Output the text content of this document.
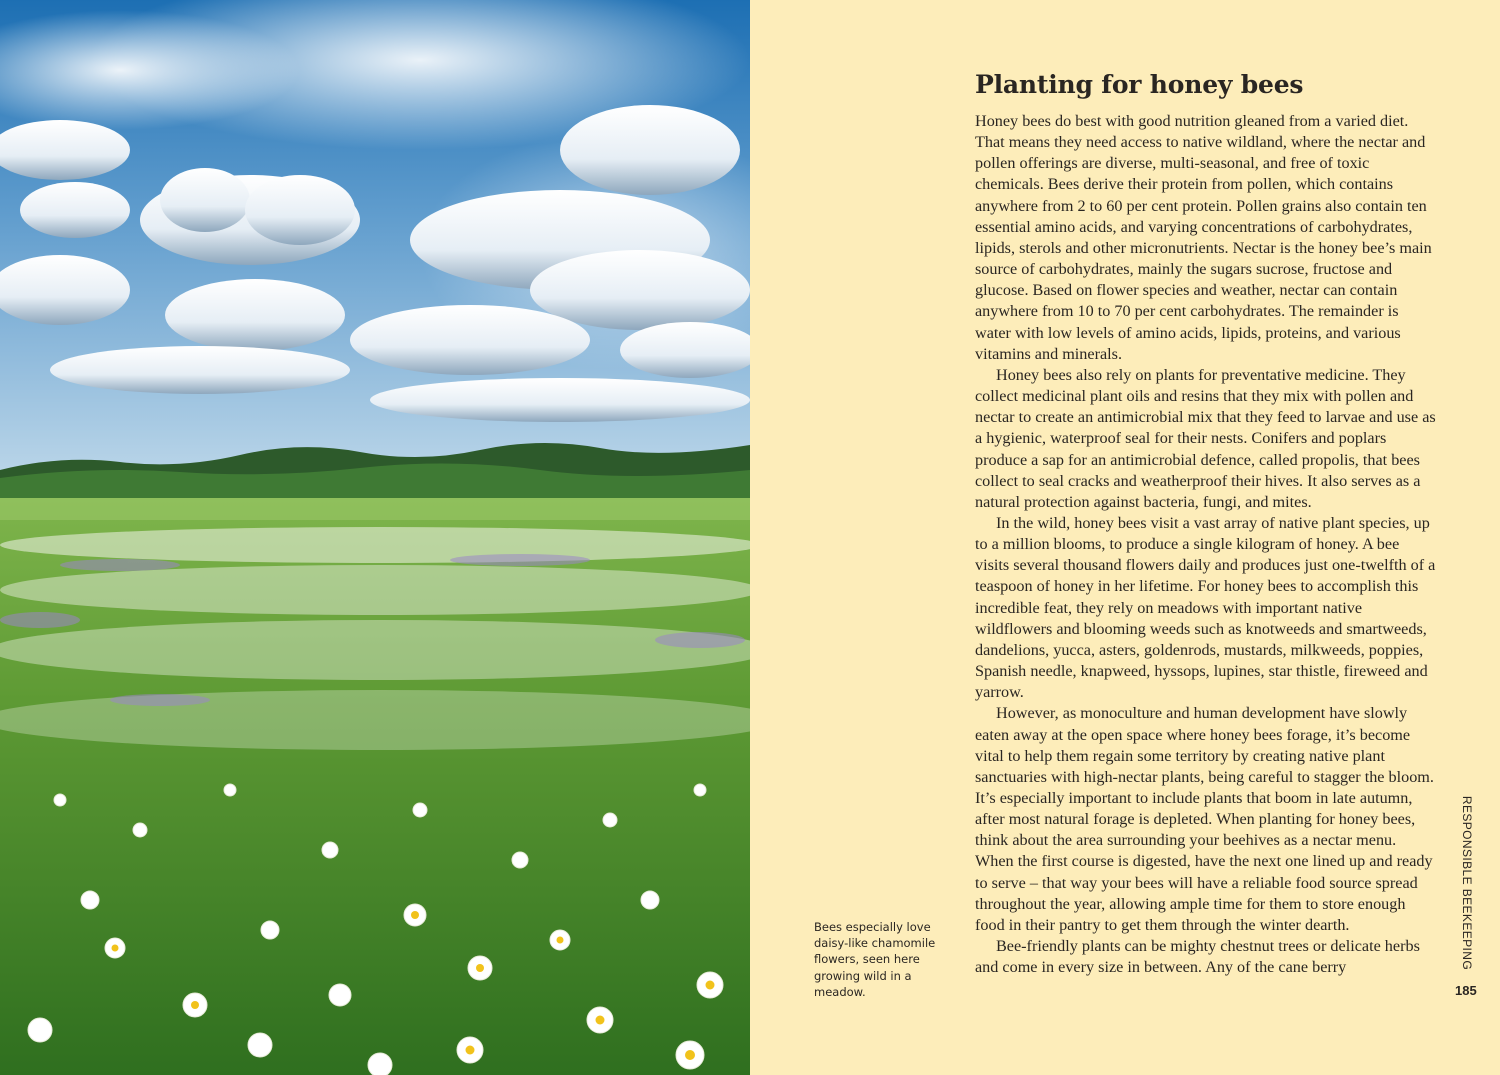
Bees especially love daisy-like chamomile flowers, seen here growing wild in a meadow.

Planting for honey bees

Honey bees do best with good nutrition gleaned from a varied diet. That means they need access to native wildland, where the nectar and pollen offerings are diverse, multi-seasonal, and free of toxic chemicals. Bees derive their protein from pollen, which contains anywhere from 2 to 60 per cent protein. Pollen grains also contain ten essential amino acids, and varying concentrations of carbohydrates, lipids, sterols and other micronutrients. Nectar is the honey bee’s main source of carbohydrates, mainly the sugars sucrose, fructose and glucose. Based on flower species and weather, nectar can contain anywhere from 10 to 70 per cent carbohydrates. The remainder is water with low levels of amino acids, lipids, proteins, and various vitamins and minerals.

Honey bees also rely on plants for preventative medicine. They collect medicinal plant oils and resins that they mix with pollen and nectar to create an antimicrobial mix that they feed to larvae and use as a hygienic, waterproof seal for their nests. Conifers and poplars produce a sap for an antimicrobial defence, called propolis, that bees collect to seal cracks and weatherproof their hives. It also serves as a natural protection against bacteria, fungi, and mites.

In the wild, honey bees visit a vast array of native plant species, up to a million blooms, to produce a single kilogram of honey. A bee visits several thousand flowers daily and produces just one-twelfth of a teaspoon of honey in her lifetime. For honey bees to accomplish this incredible feat, they rely on meadows with important native wildflowers and blooming weeds such as knotweeds and smartweeds, dandelions, yucca, asters, goldenrods, mustards, milkweeds, poppies, Spanish needle, knapweed, hyssops, lupines, star thistle, fireweed and yarrow.

However, as monoculture and human development have slowly eaten away at the open space where honey bees forage, it’s become vital to help them regain some territory by creating native plant sanctuaries with high-nectar plants, being careful to stagger the bloom. It’s especially important to include plants that boom in late autumn, after most natural forage is depleted. When planting for honey bees, think about the area surrounding your beehives as a nectar menu. When the first course is digested, have the next one lined up and ready to serve – that way your bees will have a reliable food source spread throughout the year, allowing ample time for them to store enough food in their pantry to get them through the winter dearth.

Bee-friendly plants can be mighty chestnut trees or delicate herbs and come in every size in between. Any of the cane berry	RESPONSIBLE BEEKEEPING

185
